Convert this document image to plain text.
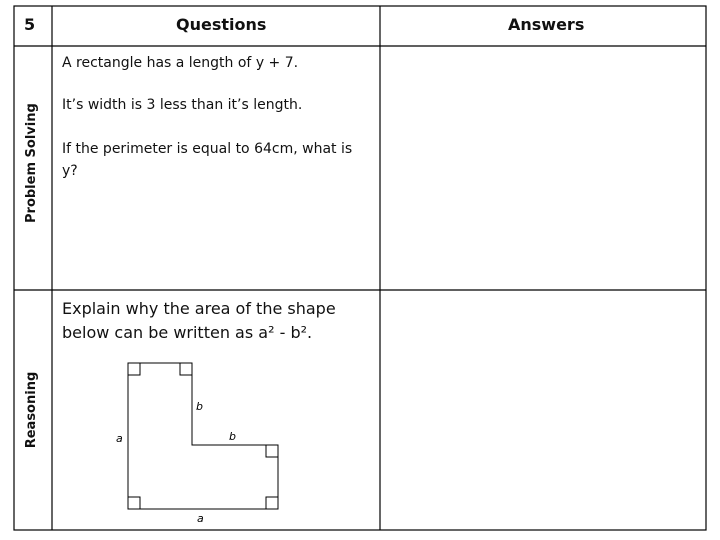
5	Questions	Answers
Problem Solving
A rectangle has a length of y + 7.
It’s width is 3 less than it’s length.
If the perimeter is equal to 64cm, what is y?
Reasoning
Explain why the area of the shape below can be written as a² - b².
a
b
b
a
